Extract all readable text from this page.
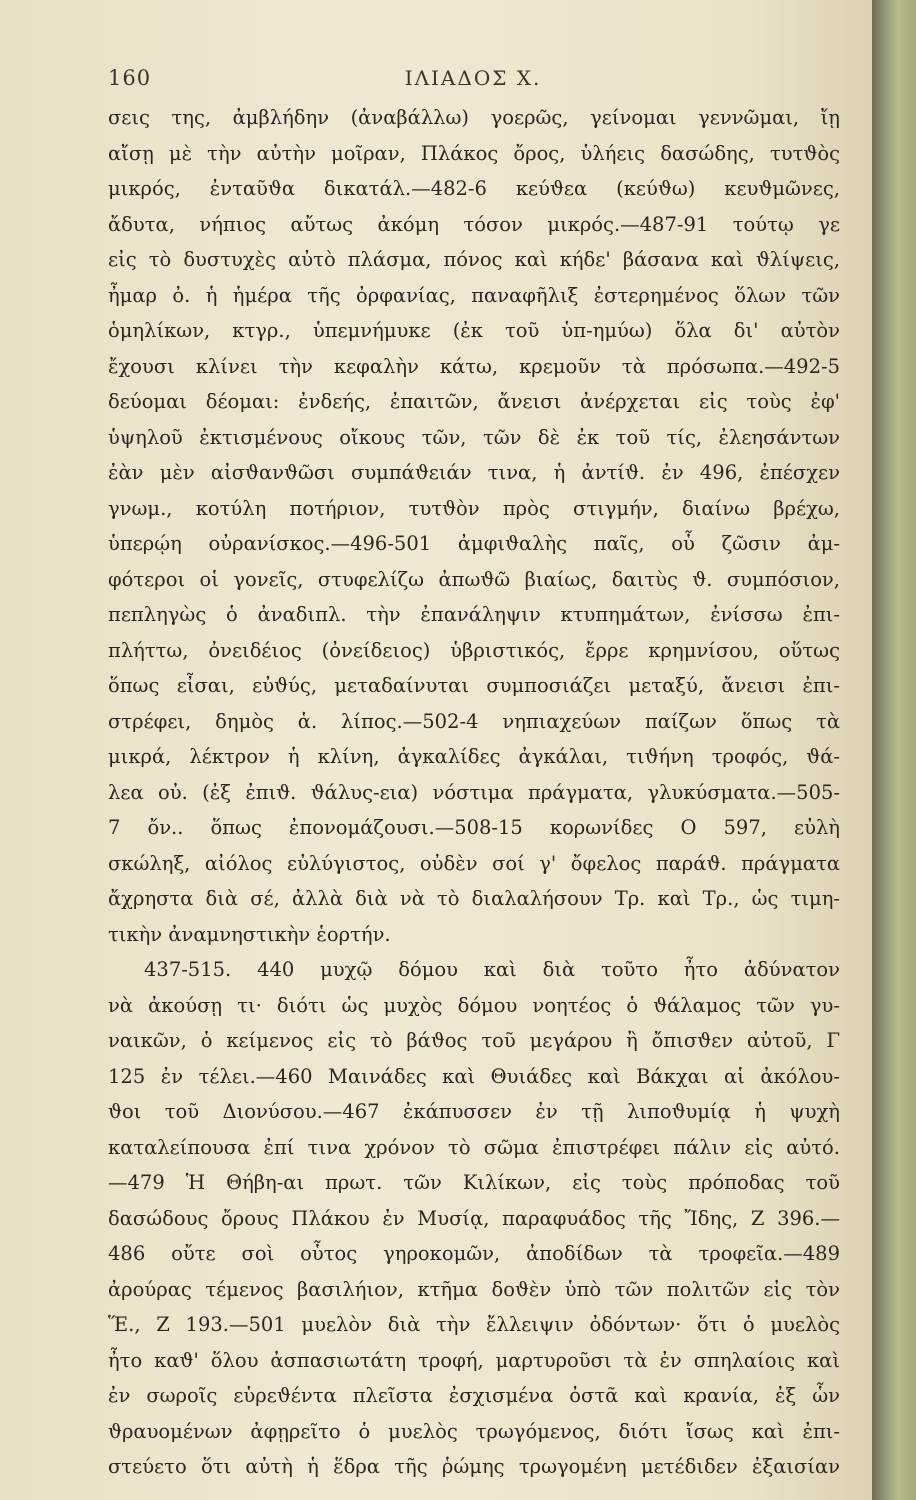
160	ΙΛΙΑΔΟΣ Χ.
σεις της, ἀμβλήδην (ἀναβάλλω) γοερῶς, γείνομαι γεννῶμαι, ἴῃ
αἴσῃ μὲ τὴν αὐτὴν μοῖραν, Πλάκος ὄρος, ὑλήεις δασώδης, τυτϑὸς
μικρός, ἐνταῦϑα δικατάλ.—482-6 κεύϑεα (κεύϑω) κευϑμῶνες,
ἄδυτα, νήπιος αὔτως ἀκόμη τόσον μικρός.—487-91 τούτῳ γε
εἰς τὸ δυστυχὲς αὐτὸ πλάσμα, πόνος καὶ κήδε' βάσανα καὶ ϑλίψεις,
ἦμαρ ὀ. ἡ ἡμέρα τῆς ὀρφανίας, παναφῆλιξ ἐστερημένος ὅλων τῶν
ὁμηλίκων, κτγρ., ὑπεμνήμυκε (ἐκ τοῦ ὑπ-ημύω) ὅλα δι' αὐτὸν
ἔχουσι κλίνει τὴν κεφαλὴν κάτω, κρεμοῦν τὰ πρόσωπα.—492-5
δεύομαι δέομαι: ἐνδεής, ἐπαιτῶν, ἄνεισι ἀνέρχεται εἰς τοὺς ἐφ'
ὑψηλοῦ ἐκτισμένους οἴκους τῶν, τῶν δὲ ἐκ τοῦ τίς, ἐλεησάντων
ἐὰν μὲν αἰσϑανϑῶσι συμπάϑειάν τινα, ἡ ἀντίϑ. ἐν 496, ἐπέσχεν
γνωμ., κοτύλη ποτήριον, τυτϑὸν πρὸς στιγμήν, διαίνω βρέχω,
ὑπερῴη οὐρανίσκος.—496-501 ἀμφιϑαλὴς παῖς, οὗ ζῶσιν ἀμ-
φότεροι οἱ γονεῖς, στυφελίζω ἀπωϑῶ βιαίως, δαιτὺς ϑ. συμπόσιον,
πεπληγὼς ὁ ἀναδιπλ. τὴν ἐπανάληψιν κτυπημάτων, ἐνίσσω ἐπι-
πλήττω, ὀνειδέιος (ὀνείδειος) ὑβριστικός, ἔρρε κρημνίσου, οὕτως
ὅπως εἶσαι, εὐϑύς, μεταδαίνυται συμποσιάζει μεταξύ, ἄνεισι ἐπι-
στρέφει, δημὸς ἁ. λίπος.—502-4 νηπιαχεύων παίζων ὅπως τὰ
μικρά, λέκτρον ἡ κλίνη, ἀγκαλίδες ἀγκάλαι, τιϑήνη τροφός, ϑά-
λεα οὐ. (ἐξ ἐπιϑ. ϑάλυς-εια) νόστιμα πράγματα, γλυκύσματα.—505-
7 ὄν.. ὅπως ἐπονομάζουσι.—508-15 κορωνίδες Ο 597, εὐλὴ
σκώληξ, αἰόλος εὐλύγιστος, οὐδὲν σοί γ' ὄφελος παράϑ. πράγματα
ἄχρηστα διὰ σέ, ἀλλὰ διὰ νὰ τὸ διαλαλήσουν Τρ. καὶ Τρ., ὡς τιμη-
τικὴν ἀναμνηστικὴν ἑορτήν.
437-515. 440 μυχῷ δόμου καὶ διὰ τοῦτο ἦτο ἀδύνατον
νὰ ἀκούσῃ τι· διότι ὡς μυχὸς δόμου νοητέος ὁ ϑάλαμος τῶν γυ-
ναικῶν, ὁ κείμενος εἰς τὸ βάϑος τοῦ μεγάρου ἢ ὄπισϑεν αὐτοῦ, Γ
125 ἐν τέλει.—460 Μαινάδες καὶ Θυιάδες καὶ Βάκχαι αἱ ἀκόλου-
ϑοι τοῦ Διονύσου.—467 ἐκάπυσσεν ἐν τῇ λιποϑυμίᾳ ἡ ψυχὴ
καταλείπουσα ἐπί τινα χρόνον τὸ σῶμα ἐπιστρέφει πάλιν εἰς αὐτό.
—479 Ἡ Θήβη-αι πρωτ. τῶν Κιλίκων, εἰς τοὺς πρόποδας τοῦ
δασώδους ὄρους Πλάκου ἐν Μυσίᾳ, παραφυάδος τῆς Ἴδης, Ζ 396.—
486 οὔτε σοὶ οὗτος γηροκομῶν, ἀποδίδων τὰ τροφεῖα.—489
ἀρούρας τέμενος βασιλήιον, κτῆμα δοϑὲν ὑπὸ τῶν πολιτῶν εἰς τὸν
Ἕ., Ζ 193.—501 μυελὸν διὰ τὴν ἔλλειψιν ὀδόντων· ὅτι ὁ μυελὸς
ἦτο καϑ' ὅλου ἀσπασιωτάτη τροφή, μαρτυροῦσι τὰ ἐν σπηλαίοις καὶ
ἐν σωροῖς εὑρεϑέντα πλεῖστα ἐσχισμένα ὀστᾶ καὶ κρανία, ἐξ ὧν
ϑραυομένων ἀφῃρεῖτο ὁ μυελὸς τρωγόμενος, διότι ἴσως καὶ ἐπι-
στεύετο ὅτι αὐτὴ ἡ ἕδρα τῆς ῥώμης τρωγομένη μετέδιδεν ἐξαισίαν
